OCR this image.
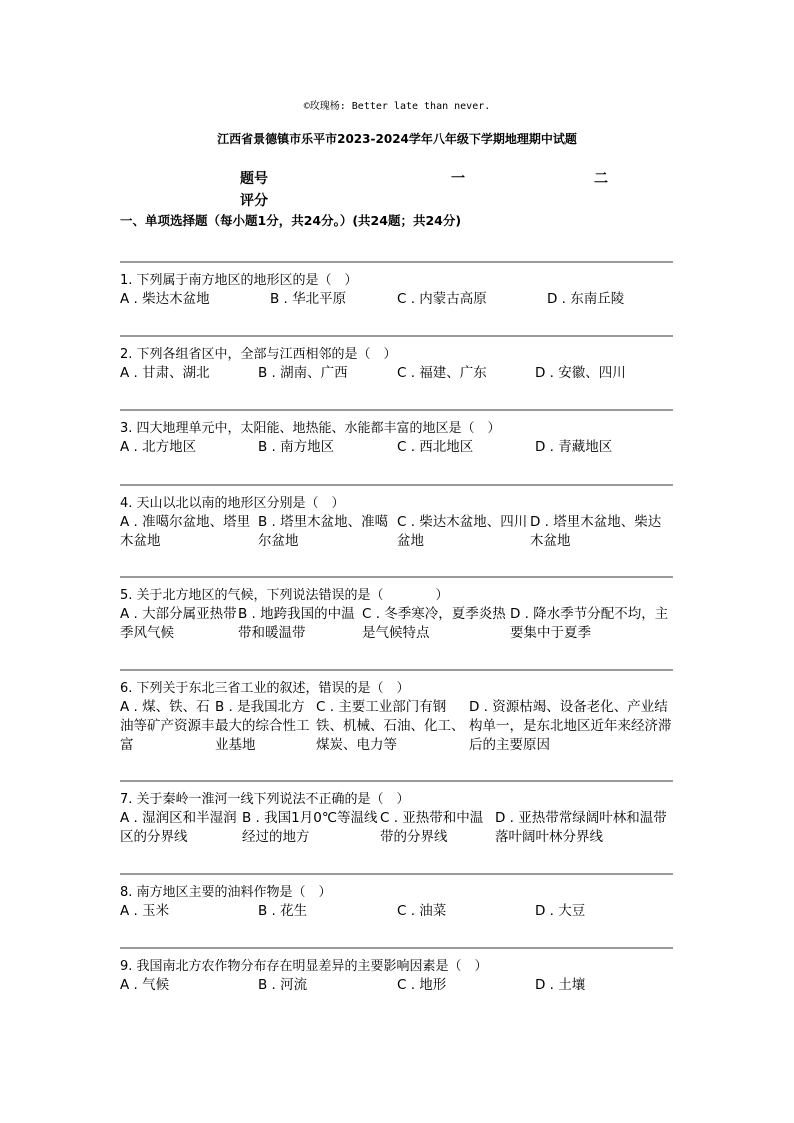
©玫瑰杨: Better late than never.
江西省景德镇市乐平市2023-2024学年八年级下学期地理期中试题
题号	一	二
评分
一、单项选择题（每小题1分，共24分。）(共24题；共24分)
1. 下列属于南方地区的地形区的是（　）
A . 柴达木盆地	B . 华北平原	C . 内蒙古高原	D . 东南丘陵
2. 下列各组省区中，全部与江西相邻的是（　）
A . 甘肃、湖北	B . 湖南、广西	C . 福建、广东	D . 安徽、四川
3. 四大地理单元中，太阳能、地热能、水能都丰富的地区是（　）
A . 北方地区	B . 南方地区	C . 西北地区	D . 青藏地区
4. 天山以北以南的地形区分别是（　）
A . 准噶尔盆地、塔里木盆地
B . 塔里木盆地、准噶尔盆地
C . 柴达木盆地、四川盆地
D . 塔里木盆地、柴达木盆地
5. 关于北方地区的气候，下列说法错误的是（　　　　）
A . 大部分属亚热带季风气候
B . 地跨我国的中温带和暖温带
C . 冬季寒冷，夏季炎热是气候特点
D . 降水季节分配不均，主要集中于夏季
6. 下列关于东北三省工业的叙述，错误的是（　）
A . 煤、铁、石油等矿产资源丰富
B . 是我国北方最大的综合性工业基地
C . 主要工业部门有钢铁、机械、石油、化工、煤炭、电力等
D . 资源枯竭、设备老化、产业结构单一，是东北地区近年来经济滞后的主要原因
7. 关于秦岭一淮河一线下列说法不正确的是（　）
A . 湿润区和半湿润区的分界线
B . 我国1月0℃等温线经过的地方
C . 亚热带和中温带的分界线
D . 亚热带常绿阔叶林和温带落叶阔叶林分界线
8. 南方地区主要的油料作物是（　）
A . 玉米	B . 花生	C . 油菜	D . 大豆
9. 我国南北方农作物分布存在明显差异的主要影响因素是（　）
A . 气候	B . 河流	C . 地形	D . 土壤
